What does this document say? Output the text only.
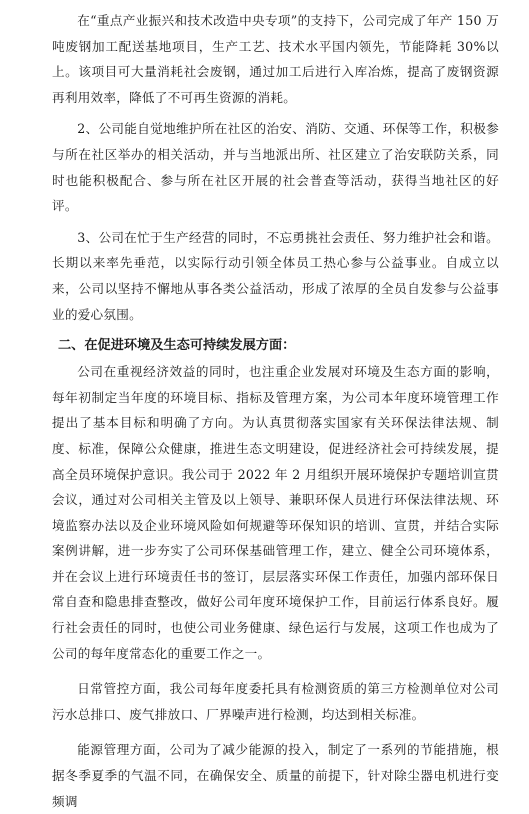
在“重点产业振兴和技术改造中央专项”的支持下，公司完成了年产 150 万吨废钢加工配送基地项目，生产工艺、技术水平国内领先，节能降耗 30%以上。该项目可大量消耗社会废钢，通过加工后进行入库冶炼，提高了废钢资源再利用效率，降低了不可再生资源的消耗。

2、公司能自觉地维护所在社区的治安、消防、交通、环保等工作，积极参与所在社区举办的相关活动，并与当地派出所、社区建立了治安联防关系，同时也能积极配合、参与所在社区开展的社会普查等活动，获得当地社区的好评。

3、公司在忙于生产经营的同时，不忘勇挑社会责任、努力维护社会和谐。长期以来率先垂范，以实际行动引领全体员工热心参与公益事业。自成立以来，公司以坚持不懈地从事各类公益活动，形成了浓厚的全员自发参与公益事业的爱心氛围。

二、在促进环境及生态可持续发展方面：

公司在重视经济效益的同时，也注重企业发展对环境及生态方面的影响，每年初制定当年度的环境目标、指标及管理方案，为公司本年度环境管理工作提出了基本目标和明确了方向。为认真贯彻落实国家有关环保法律法规、制度、标准，保障公众健康，推进生态文明建设，促进经济社会可持续发展，提高全员环境保护意识。我公司于 2022 年 2 月组织开展环境保护专题培训宣贯会议，通过对公司相关主管及以上领导、兼职环保人员进行环保法律法规、环境监察办法以及企业环境风险如何规避等环保知识的培训、宣贯，并结合实际案例讲解，进一步夯实了公司环保基础管理工作，建立、健全公司环境体系，并在会议上进行环境责任书的签订，层层落实环保工作责任，加强内部环保日常自查和隐患排查整改，做好公司年度环境保护工作，目前运行体系良好。履行社会责任的同时，也使公司业务健康、绿色运行与发展，这项工作也成为了公司的每年度常态化的重要工作之一。

日常管控方面，我公司每年度委托具有检测资质的第三方检测单位对公司污水总排口、废气排放口、厂界噪声进行检测，均达到相关标准。

能源管理方面，公司为了减少能源的投入，制定了一系列的节能措施，根据冬季夏季的气温不同，在确保安全、质量的前提下，针对除尘器电机进行变频调
